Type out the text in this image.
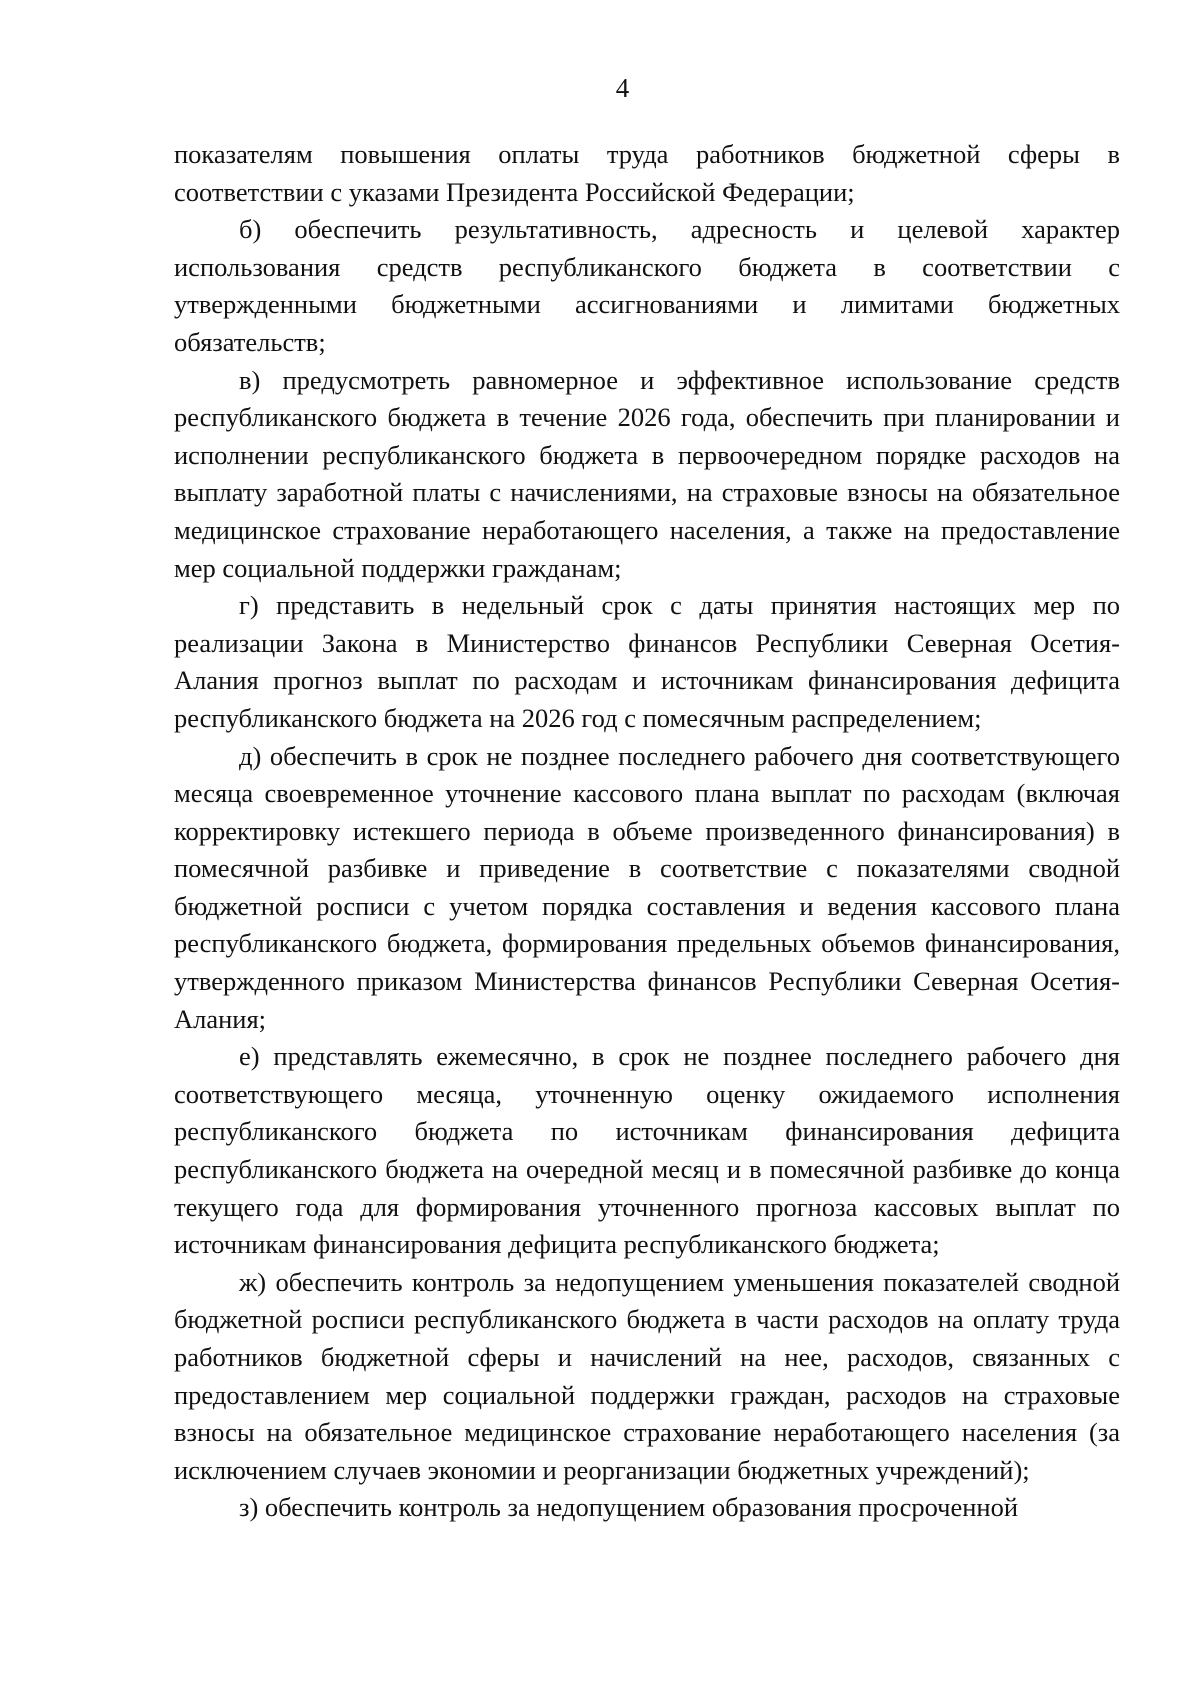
4

показателям повышения оплаты труда работников бюджетной сферы в соответствии с указами Президента Российской Федерации;

б) обеспечить результативность, адресность и целевой характер использования средств республиканского бюджета в соответствии с утвержденными бюджетными ассигнованиями и лимитами бюджетных обязательств;

в) предусмотреть равномерное и эффективное использование средств республиканского бюджета в течение 2026 года, обеспечить при планировании и исполнении республиканского бюджета в первоочередном порядке расходов на выплату заработной платы с начислениями, на страховые взносы на обязательное медицинское страхование неработающего населения, а также на предоставление мер социальной поддержки гражданам;

г) представить в недельный срок с даты принятия настоящих мер по реализации Закона в Министерство финансов Республики Северная Осетия-Алания прогноз выплат по расходам и источникам финансирования дефицита республиканского бюджета на 2026 год с помесячным распределением;

д) обеспечить в срок не позднее последнего рабочего дня соответствующего месяца своевременное уточнение кассового плана выплат по расходам (включая корректировку истекшего периода в объеме произведенного финансирования) в помесячной разбивке и приведение в соответствие с показателями сводной бюджетной росписи с учетом порядка составления и ведения кассового плана республиканского бюджета, формирования предельных объемов финансирования, утвержденного приказом Министерства финансов Республики Северная Осетия-Алания;

е) представлять ежемесячно, в срок не позднее последнего рабочего дня соответствующего месяца, уточненную оценку ожидаемого исполнения республиканского бюджета по источникам финансирования дефицита республиканского бюджета на очередной месяц и в помесячной разбивке до конца текущего года для формирования уточненного прогноза кассовых выплат по источникам финансирования дефицита республиканского бюджета;

ж) обеспечить контроль за недопущением уменьшения показателей сводной бюджетной росписи республиканского бюджета в части расходов на оплату труда работников бюджетной сферы и начислений на нее, расходов, связанных с предоставлением мер социальной поддержки граждан, расходов на страховые взносы на обязательное медицинское страхование неработающего населения (за исключением случаев экономии и реорганизации бюджетных учреждений);

з) обеспечить контроль за недопущением образования просроченной
